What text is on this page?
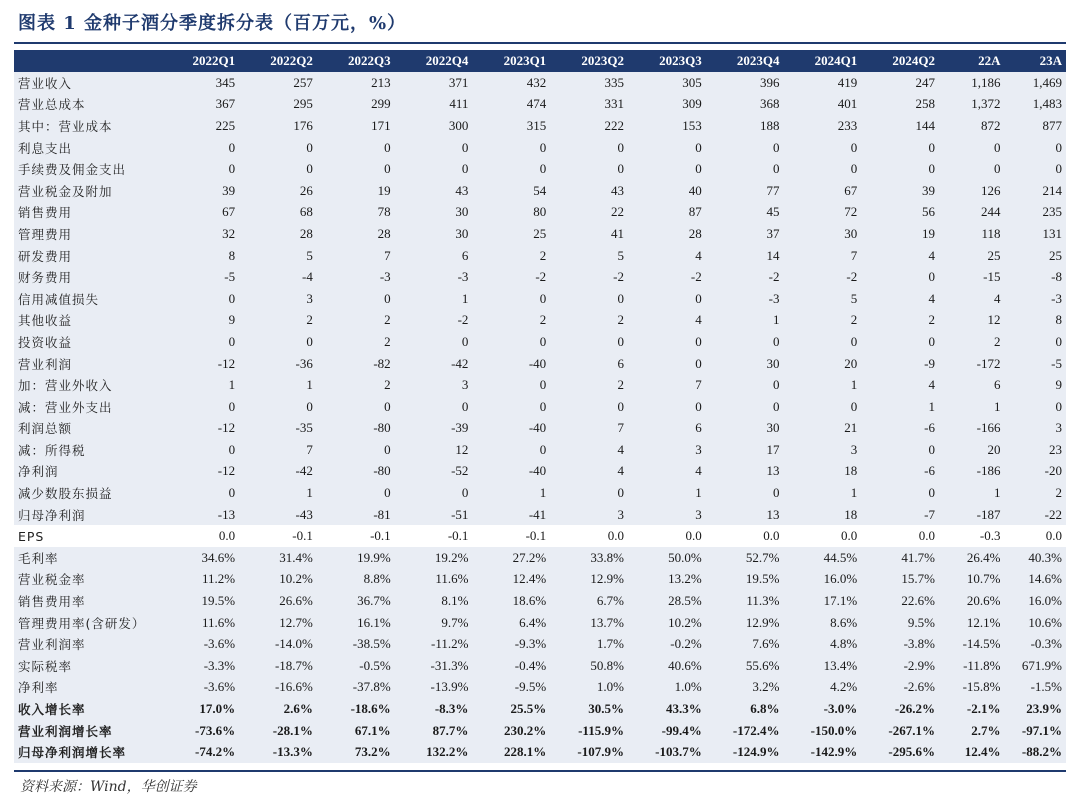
图表 1 金种子酒分季度拆分表（百万元，%）
	2022Q1	2022Q2	2022Q3	2022Q4	2023Q1	2023Q2	2023Q3	2023Q4	2024Q1	2024Q2	22A	23A
营业收入	345	257	213	371	432	335	305	396	419	247	1,186	1,469
营业总成本	367	295	299	411	474	331	309	368	401	258	1,372	1,483
其中：营业成本	225	176	171	300	315	222	153	188	233	144	872	877
利息支出	0	0	0	0	0	0	0	0	0	0	0	0
手续费及佣金支出	0	0	0	0	0	0	0	0	0	0	0	0
营业税金及附加	39	26	19	43	54	43	40	77	67	39	126	214
销售费用	67	68	78	30	80	22	87	45	72	56	244	235
管理费用	32	28	28	30	25	41	28	37	30	19	118	131
研发费用	8	5	7	6	2	5	4	14	7	4	25	25
财务费用	-5	-4	-3	-3	-2	-2	-2	-2	-2	0	-15	-8
信用减值损失	0	3	0	1	0	0	0	-3	5	4	4	-3
其他收益	9	2	2	-2	2	2	4	1	2	2	12	8
投资收益	0	0	2	0	0	0	0	0	0	0	2	0
营业利润	-12	-36	-82	-42	-40	6	0	30	20	-9	-172	-5
加：营业外收入	1	1	2	3	0	2	7	0	1	4	6	9
减：营业外支出	0	0	0	0	0	0	0	0	0	1	1	0
利润总额	-12	-35	-80	-39	-40	7	6	30	21	-6	-166	3
减：所得税	0	7	0	12	0	4	3	17	3	0	20	23
净利润	-12	-42	-80	-52	-40	4	4	13	18	-6	-186	-20
减少数股东损益	0	1	0	0	1	0	1	0	1	0	1	2
归母净利润	-13	-43	-81	-51	-41	3	3	13	18	-7	-187	-22
EPS	0.0	-0.1	-0.1	-0.1	-0.1	0.0	0.0	0.0	0.0	0.0	-0.3	0.0
毛利率	34.6%	31.4%	19.9%	19.2%	27.2%	33.8%	50.0%	52.7%	44.5%	41.7%	26.4%	40.3%
营业税金率	11.2%	10.2%	8.8%	11.6%	12.4%	12.9%	13.2%	19.5%	16.0%	15.7%	10.7%	14.6%
销售费用率	19.5%	26.6%	36.7%	8.1%	18.6%	6.7%	28.5%	11.3%	17.1%	22.6%	20.6%	16.0%
管理费用率(含研发）	11.6%	12.7%	16.1%	9.7%	6.4%	13.7%	10.2%	12.9%	8.6%	9.5%	12.1%	10.6%
营业利润率	-3.6%	-14.0%	-38.5%	-11.2%	-9.3%	1.7%	-0.2%	7.6%	4.8%	-3.8%	-14.5%	-0.3%
实际税率	-3.3%	-18.7%	-0.5%	-31.3%	-0.4%	50.8%	40.6%	55.6%	13.4%	-2.9%	-11.8%	671.9%
净利率	-3.6%	-16.6%	-37.8%	-13.9%	-9.5%	1.0%	1.0%	3.2%	4.2%	-2.6%	-15.8%	-1.5%
收入增长率	17.0%	2.6%	-18.6%	-8.3%	25.5%	30.5%	43.3%	6.8%	-3.0%	-26.2%	-2.1%	23.9%
营业利润增长率	-73.6%	-28.1%	67.1%	87.7%	230.2%	-115.9%	-99.4%	-172.4%	-150.0%	-267.1%	2.7%	-97.1%
归母净利润增长率	-74.2%	-13.3%	73.2%	132.2%	228.1%	-107.9%	-103.7%	-124.9%	-142.9%	-295.6%	12.4%	-88.2%
资料来源：Wind，华创证券
